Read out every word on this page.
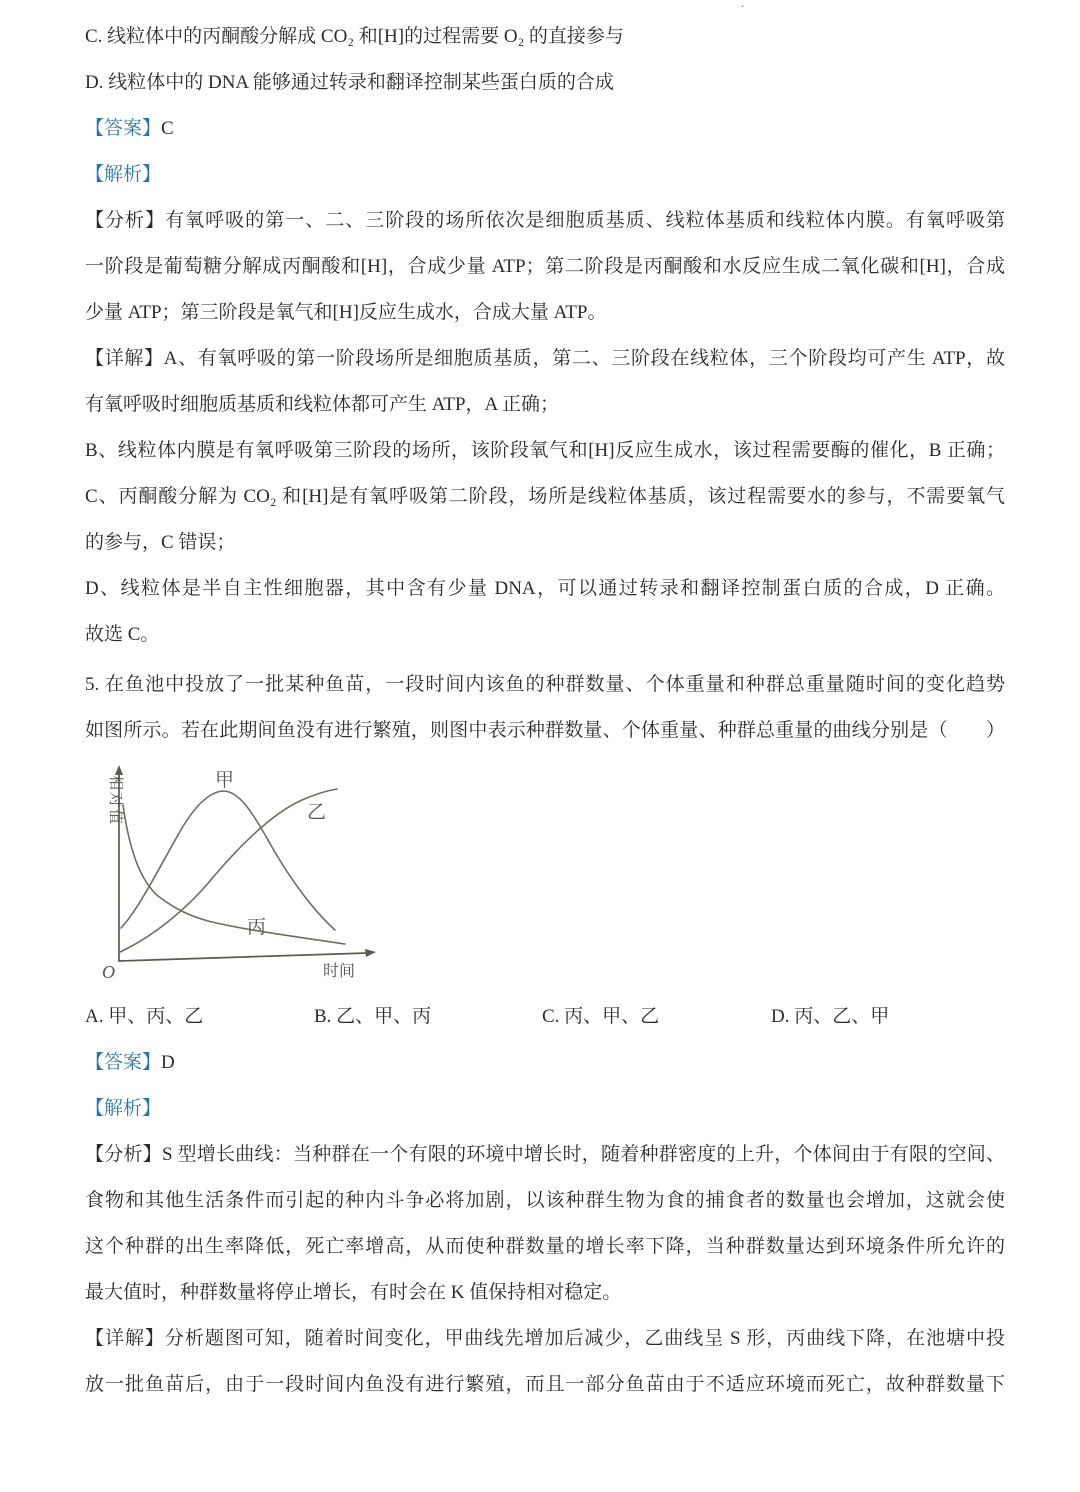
·
C. 线粒体中的丙酮酸分解成 CO₂ 和[H]的过程需要 O₂ 的直接参与
D. 线粒体中的 DNA 能够通过转录和翻译控制某些蛋白质的合成
【答案】C
【解析】
【分析】有氧呼吸的第一、二、三阶段的场所依次是细胞质基质、线粒体基质和线粒体内膜。有氧呼吸第
一阶段是葡萄糖分解成丙酮酸和[H]，合成少量 ATP；第二阶段是丙酮酸和水反应生成二氧化碳和[H]，合成
少量 ATP；第三阶段是氧气和[H]反应生成水，合成大量 ATP。
【详解】A、有氧呼吸的第一阶段场所是细胞质基质，第二、三阶段在线粒体，三个阶段均可产生 ATP，故
有氧呼吸时细胞质基质和线粒体都可产生 ATP，A 正确；
B、线粒体内膜是有氧呼吸第三阶段的场所，该阶段氧气和[H]反应生成水，该过程需要酶的催化，B 正确；
C、丙酮酸分解为 CO₂ 和[H]是有氧呼吸第二阶段，场所是线粒体基质，该过程需要水的参与，不需要氧气
的参与，C 错误；
D、线粒体是半自主性细胞器，其中含有少量 DNA，可以通过转录和翻译控制蛋白质的合成，D 正确。
故选 C。
5. 在鱼池中投放了一批某种鱼苗，一段时间内该鱼的种群数量、个体重量和种群总重量随时间的变化趋势
如图所示。若在此期间鱼没有进行繁殖，则图中表示种群数量、个体重量、种群总重量的曲线分别是（　　）
甲
乙
丙
O	时间
相对值
A. 甲、丙、乙	B. 乙、甲、丙	C. 丙、甲、乙	D. 丙、乙、甲
【答案】D
【解析】
【分析】S 型增长曲线：当种群在一个有限的环境中增长时，随着种群密度的上升，个体间由于有限的空间、
食物和其他生活条件而引起的种内斗争必将加剧，以该种群生物为食的捕食者的数量也会增加，这就会使
这个种群的出生率降低，死亡率增高，从而使种群数量的增长率下降，当种群数量达到环境条件所允许的
最大值时，种群数量将停止增长，有时会在 K 值保持相对稳定。
【详解】分析题图可知，随着时间变化，甲曲线先增加后减少，乙曲线呈 S 形，丙曲线下降，在池塘中投
放一批鱼苗后，由于一段时间内鱼没有进行繁殖，而且一部分鱼苗由于不适应环境而死亡，故种群数量下
